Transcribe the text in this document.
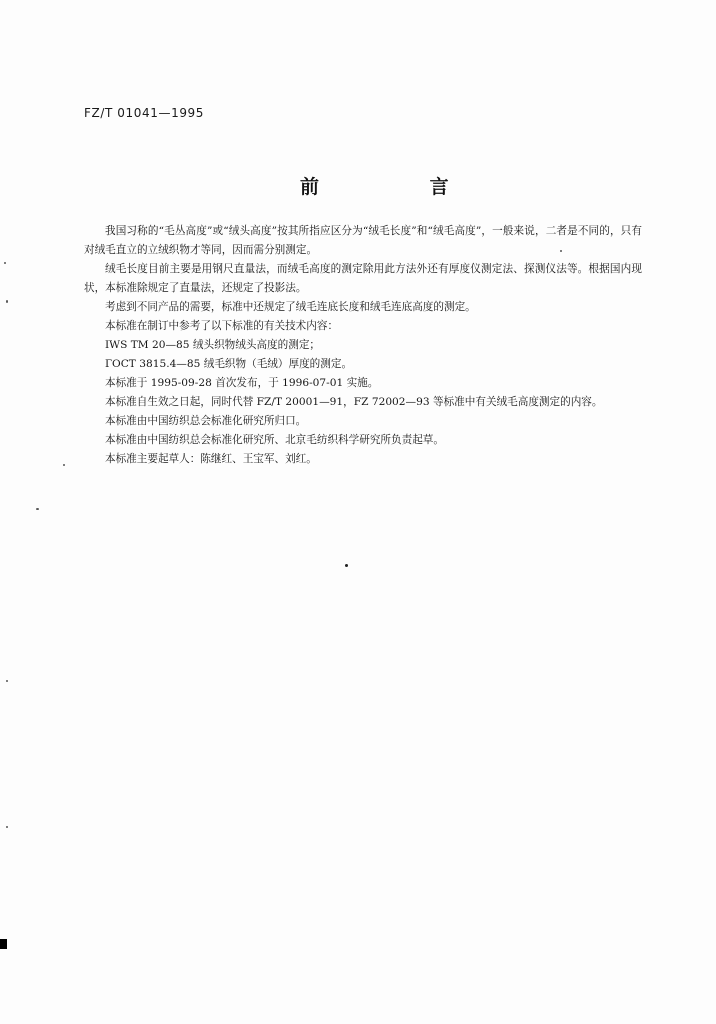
FZ/T 01041—1995
前 言

我国习称的“毛丛高度”或“绒头高度”按其所指应区分为“绒毛长度”和“绒毛高度”，一般来说，二者是不同的，只有对绒毛直立的立绒织物才等同，因而需分别测定。

绒毛长度目前主要是用钢尺直量法，而绒毛高度的测定除用此方法外还有厚度仪测定法、探测仪法等。根据国内现状，本标准除规定了直量法，还规定了投影法。

考虑到不同产品的需要，标准中还规定了绒毛连底长度和绒毛连底高度的测定。

本标准在制订中参考了以下标准的有关技术内容：

IWS TM 20—85 绒头织物绒头高度的测定；

ГОСТ 3815.4—85 绒毛织物（毛绒）厚度的测定。

本标准于 1995-09-28 首次发布，于 1996-07-01 实施。

本标准自生效之日起，同时代替 FZ/T 20001—91，FZ 72002—93 等标准中有关绒毛高度测定的内容。

本标准由中国纺织总会标准化研究所归口。

本标准由中国纺织总会标准化研究所、北京毛纺织科学研究所负责起草。

本标准主要起草人：陈继红、王宝军、刘红。
